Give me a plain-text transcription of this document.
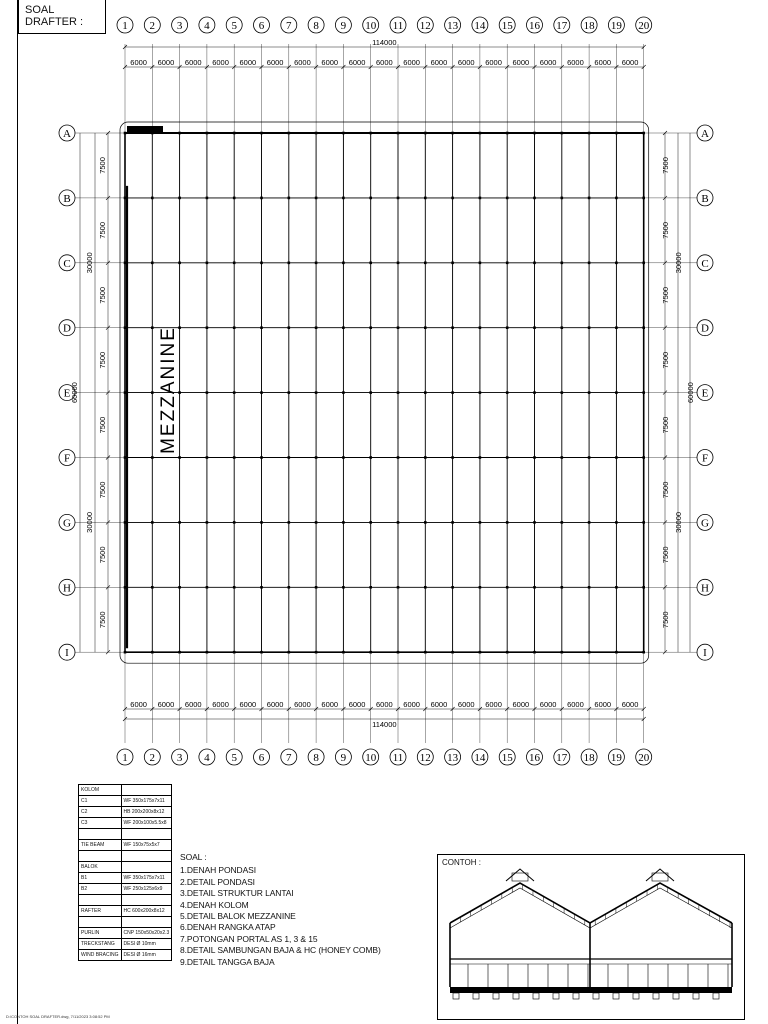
SOAL DRAFTER :
MEZZANINE
1
1
2
2
3
3
4
4
5
5
6
6
7
7
8
8
9
9
10
10
11
11
12
12
13
13
14
14
15
15
16
16
17
17
18
18
19
19
20
20
A	A
B	B
C	C
D	D
E	E
F	F
G	G
H	H
I	I
6000 6000 6000 6000 6000 6000 6000 6000 6000 6000 6000 6000 6000 6000 6000 6000 6000 6000 6000
114000
6000 6000 6000 6000 6000 6000 6000 6000 6000 6000 6000 6000 6000 6000 6000 6000 6000 6000 6000
114000
7500
7500
7500
7500
7500
7500
7500
7500
30000
30000
60000
7500
7500
7500
7500
7500
7500
7500
7500
30000
30000
60000
KOLOM	
C1	WF 350x175x7x11
C2	HB 200x200x8x12
C3	WF 200x100x5.5x8

TIE BEAM	WF 150x75x5x7

BALOK	
B1	WF 350x175x7x11
B2	WF 250x125x6x9

RAFTER	HC 600x200x8x12

PURLIN	CNP 150x50x20x2.3
TRECKSTANG	DESI Ø 10mm
WIND BRACING	DESI Ø 16mm
SOAL :
1.DENAH PONDASI
2.DETAIL PONDASI
3.DETAIL STRUKTUR LANTAI
4.DENAH KOLOM
5.DETAIL BALOK MEZZANINE
6.DENAH RANGKA ATAP
7.POTONGAN PORTAL AS 1, 3 & 15
8.DETAIL SAMBUNGAN BAJA & HC (HONEY COMB)
9.DETAIL TANGGA BAJA
CONTOH :
D:\CONTOH SOAL DRAFTER.dwg, 7/11/2023 3:08:52 PM
